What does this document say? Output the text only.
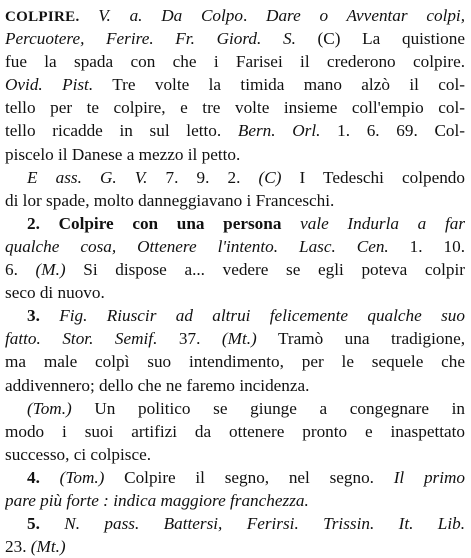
COLPIRE. V. a. Da Colpo. Dare o Avventar colpi,
Percuotere, Ferire. Fr. Giord. S. (C) La quistione
fue la spada con che i Farisei il crederono colpire.
Ovid. Pist. Tre volte la timida mano alzò il col-
tello per te colpire, e tre volte insieme coll'empio col-
tello ricadde in sul letto. Bern. Orl. 1. 6. 69. Col-
piscelo il Danese a mezzo il petto.
E ass. G. V. 7. 9. 2. (C) I Tedeschi colpendo
di lor spade, molto danneggiavano i Franceschi.
2. Colpire con una persona vale Indurla a far
qualche cosa, Ottenere l'intento. Lasc. Cen. 1. 10.
6. (M.) Si dispose a... vedere se egli poteva colpir
seco di nuovo.
3. Fig. Riuscir ad altrui felicemente qualche suo
fatto. Stor. Semif. 37. (Mt.) Tramò una tradigione,
ma male colpì suo intendimento, per le sequele che
addivennero; dello che ne faremo incidenza.
(Tom.) Un politico se giunge a congegnare in
modo i suoi artifizi da ottenere pronto e inaspettato
successo, ci colpisce.
4. (Tom.) Colpire il segno, nel segno. Il primo
pare più forte : indica maggiore franchezza.
5. N. pass. Battersi, Ferirsi. Trissin. It. Lib.
23. (Mt.)
